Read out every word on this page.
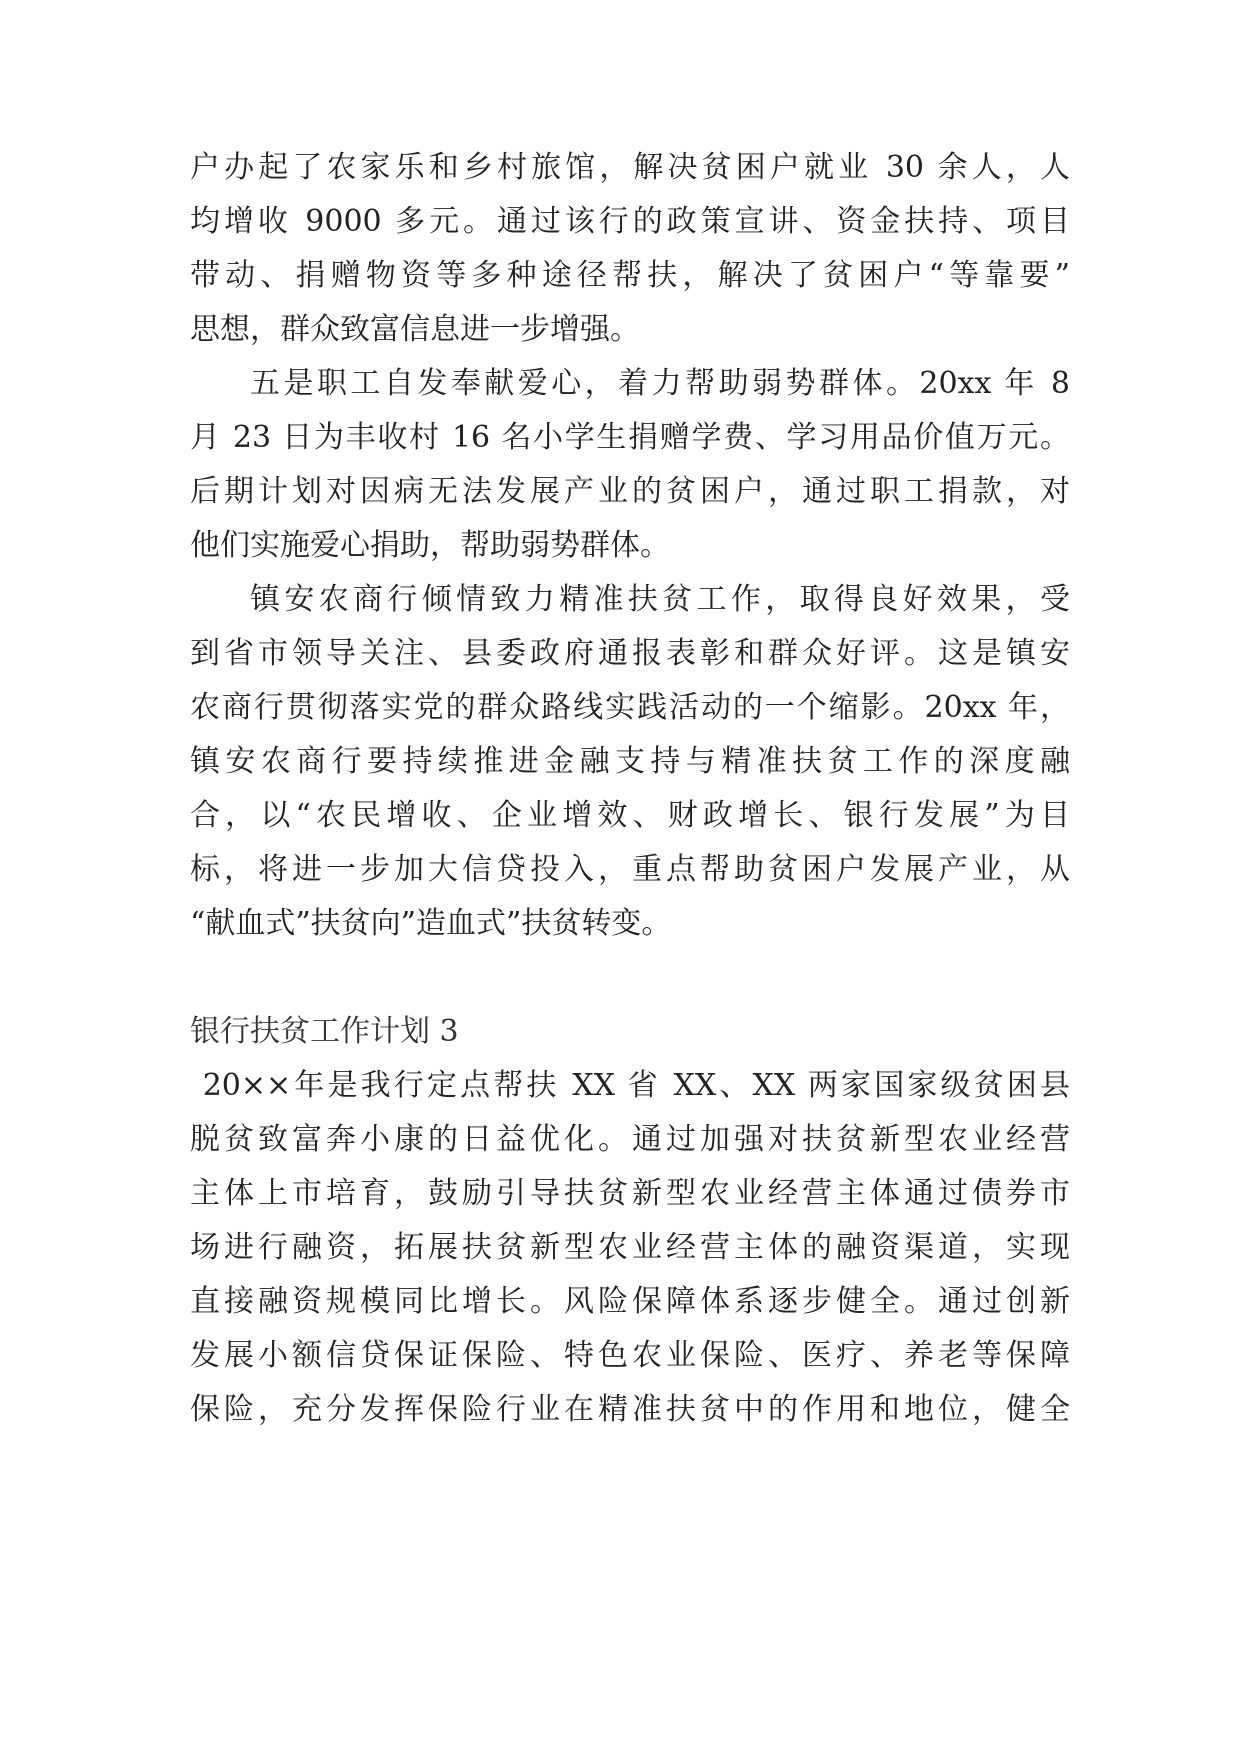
户办起了农家乐和乡村旅馆，解决贫困户就业 30 余人，人
均增收 9000 多元。通过该行的政策宣讲、资金扶持、项目
带动、捐赠物资等多种途径帮扶，解决了贫困户“等靠要”
思想，群众致富信息进一步增强。
五是职工自发奉献爱心，着力帮助弱势群体。20xx 年 8
月 23 日为丰收村 16 名小学生捐赠学费、学习用品价值万元。
后期计划对因病无法发展产业的贫困户，通过职工捐款，对
他们实施爱心捐助，帮助弱势群体。
镇安农商行倾情致力精准扶贫工作，取得良好效果，受
到省市领导关注、县委政府通报表彰和群众好评。这是镇安
农商行贯彻落实党的群众路线实践活动的一个缩影。20xx 年，
镇安农商行要持续推进金融支持与精准扶贫工作的深度融
合，以“农民增收、企业增效、财政增长、银行发展”为目
标，将进一步加大信贷投入，重点帮助贫困户发展产业，从
“献血式”扶贫向”造血式”扶贫转变。
银行扶贫工作计划 3
20××年是我行定点帮扶 XX 省 XX、XX 两家国家级贫困县
脱贫致富奔小康的日益优化。通过加强对扶贫新型农业经营
主体上市培育，鼓励引导扶贫新型农业经营主体通过债券市
场进行融资，拓展扶贫新型农业经营主体的融资渠道，实现
直接融资规模同比增长。风险保障体系逐步健全。通过创新
发展小额信贷保证保险、特色农业保险、医疗、养老等保障
保险，充分发挥保险行业在精准扶贫中的作用和地位，健全
